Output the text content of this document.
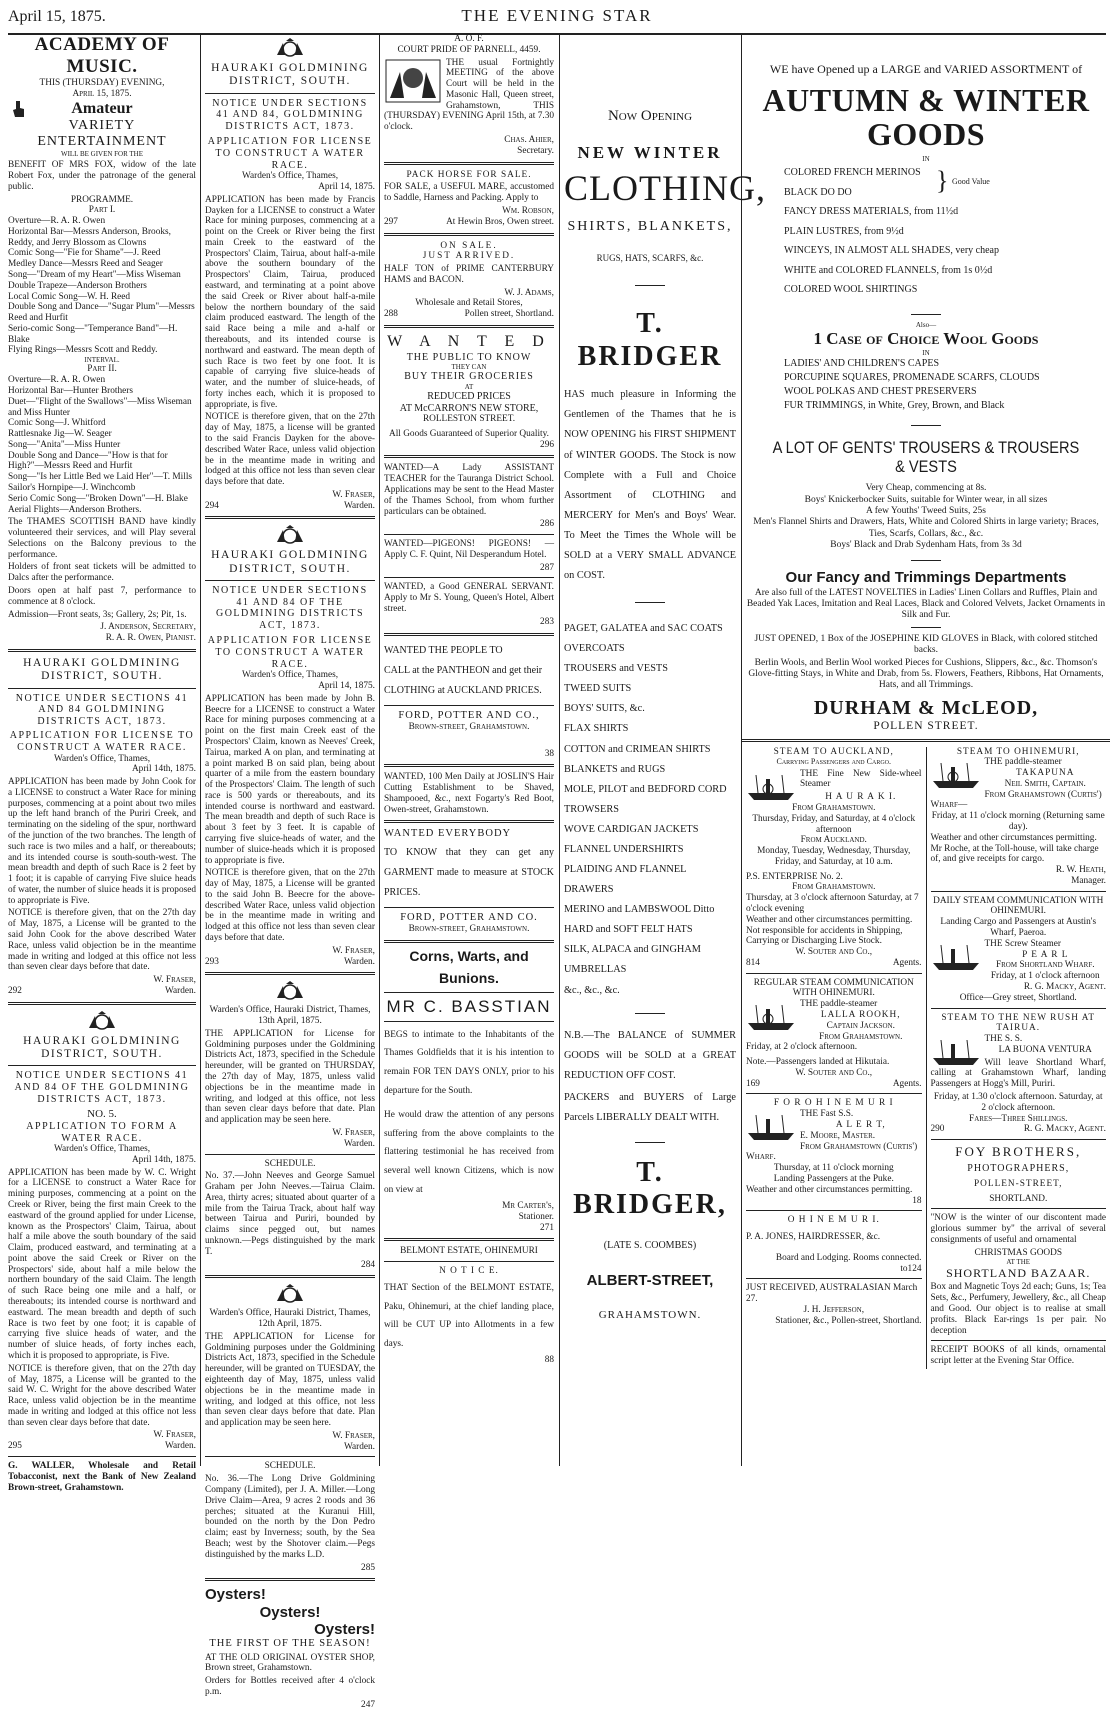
April 15, 1875.	THE EVENING STAR
ACADEMY OF MUSIC.
THIS (THURSDAY) EVENING,
April 15, 1875.
Amateur
VARIETY ENTERTAINMENT
WILL BE GIVEN FOR THE

BENEFIT OF MRS FOX, widow of the late Robert Fox, under the patronage of the general public.

PROGRAMME.
Part I.
Overture—R. A. R. Owen
Horizontal Bar—Messrs Anderson, Brooks, Reddy, and Jerry Blossom as Clowns
Comic Song—"Fie for Shame"—J. Reed
Medley Dance—Messrs Reed and Seager
Song—"Dream of my Heart"—Miss Wiseman
Double Trapeze—Anderson Brothers
Local Comic Song—W. H. Reed
Double Song and Dance—"Sugar Plum"—Messrs Reed and Hurfit
Serio-comic Song—"Temperance Band"—H. Blake
Flying Rings—Messrs Scott and Reddy.
INTERVAL.
Part II.
Overture—R. A. R. Owen
Horizontal Bar—Hunter Brothers
Duet—"Flight of the Swallows"—Miss Wiseman and Miss Hunter
Comic Song—J. Whitford
Rattlesnake Jig—W. Seager
Song—"Anita"—Miss Hunter
Double Song and Dance—"How is that for High?"—Messrs Reed and Hurfit
Song—"Is her Little Bed we Laid Her"—T. Mills
Sailor's Hornpipe—J. Winchcomb
Serio Comic Song—"Broken Down"—H. Blake
Aerial Flights—Anderson Brothers.

The THAMES SCOTTISH BAND have kindly volunteered their services, and will Play several Selections on the Balcony previous to the performance.

Holders of front seat tickets will be admitted to Dalcs after the performance.

Doors open at half past 7, performance to commence at 8 o'clock.

Admission—Front seats, 3s; Gallery, 2s; Pit, 1s.

J. Anderson, Secretary,
R. A. R. Owen, Pianist.
HAURAKI GOLDMINING DISTRICT, SOUTH.
NOTICE UNDER SECTIONS 41 AND 84 GOLDMINING DISTRICTS ACT, 1873.
APPLICATION FOR LICENSE TO CONSTRUCT A WATER RACE.
Warden's Office, Thames,
April 14th, 1875.

APPLICATION has been made by John Cook for a LICENSE to construct a Water Race for mining purposes, commencing at a point about two miles up the left hand branch of the Puriri Creek, and terminating on the sideling of the spur, northward of the junction of the two branches. The length of such race is two miles and a half, or thereabouts; and its intended course is south-south-west. The mean breadth and depth of such Race is 2 feet by 1 foot; it is capable of carrying Five sluice heads of water, the number of sluice heads it is proposed to appropriate is Five.

NOTICE is therefore given, that on the 27th day of May, 1875, a License will be granted to the said John Cook for the above described Water Race, unless valid objection be in the meantime made in writing and lodged at this office not less than seven clear days before that date.

W. Fraser,
292	Warden.
HAURAKI GOLDMINING DISTRICT, SOUTH.
NOTICE UNDER SECTIONS 41 AND 84 OF THE GOLDMINING DISTRICTS ACT, 1873.
NO. 5.
APPLICATION TO FORM A WATER RACE.
Warden's Office, Thames,
April 14th, 1875.

APPLICATION has been made by W. C. Wright for a LICENSE to construct a Water Race for mining purposes, commencing at a point on the Creek or River, being the first main Creek to the eastward of the ground applied for under License, known as the Prospectors' Claim, Tairua, about half a mile above the south boundary of the said Claim, produced eastward, and terminating at a point above the said Creek or River on the Prospectors' side, about half a mile below the northern boundary of the said Claim. The length of such Race being one mile and a half, or thereabouts; its intended course is northward and eastward. The mean breadth and depth of such Race is two feet by one foot; it is capable of carrying five sluice heads of water, and the number of sluice heads, of forty inches each, which it is proposed to appropriate, is Five.

NOTICE is therefore given, that on the 27th day of May, 1875, a License will be granted to the said W. C. Wright for the above described Water Race, unless valid objection be in the meantime made in writing and lodged at this office not less than seven clear days before that date.

W. Fraser,
295	Warden.

G. WALLER, Wholesale and Retail Tobacconist, next the Bank of New Zealand Brown-street, Grahamstown.

HAURAKI GOLDMINING DISTRICT, SOUTH.
NOTICE UNDER SECTIONS 41 AND 84, GOLDMINING DISTRICTS ACT, 1873.
APPLICATION FOR LICENSE TO CONSTRUCT A WATER RACE.
Warden's Office, Thames,
April 14, 1875.

APPLICATION has been made by Francis Dayken for a LICENSE to construct a Water Race for mining purposes, commencing at a point on the Creek or River being the first main Creek to the eastward of the Prospectors' Claim, Tairua, about half-a-mile above the southern boundary of the Prospectors' Claim, Tairua, produced eastward, and terminating at a point above the said Creek or River about half-a-mile below the northern boundary of the said claim produced eastward. The length of the said Race being a mile and a-half or thereabouts, and its intended course is northward and eastward. The mean depth of such Race is two feet by one foot. It is capable of carrying five sluice-heads of water, and the number of sluice-heads, of forty inches each, which it is proposed to appropriate, is five.

NOTICE is therefore given, that on the 27th day of May, 1875, a license will be granted to the said Francis Dayken for the above-described Water Race, unless valid objection be in the meantime made in writing and lodged at this office not less than seven clear days before that date.

W. Fraser,
294	Warden.
HAURAKI GOLDMINING DISTRICT, SOUTH.
NOTICE UNDER SECTIONS 41 AND 84 OF THE GOLDMINING DISTRICTS ACT, 1873.
APPLICATION FOR LICENSE TO CONSTRUCT A WATER RACE.
Warden's Office, Thames,
April 14, 1875.

APPLICATION has been made by John B. Beecre for a LICENSE to construct a Water Race for mining purposes commencing at a point on the first main Creek east of the Prospectors' Claim, known as Neeves' Creek, Tairua, marked A on plan, and terminating at a point marked B on said plan, being about quarter of a mile from the eastern boundary of the Prospectors' Claim. The length of such race is 500 yards or thereabouts, and its intended course is northward and eastward. The mean breadth and depth of such Race is about 3 feet by 3 feet. It is capable of carrying five sluice-heads of water, and the number of sluice-heads which it is proposed to appropriate is five.

NOTICE is therefore given, that on the 27th day of May, 1875, a License will be granted to the said John B. Beecre for the above-described Water Race, unless valid objection be in the meantime made in writing and lodged at this office not less than seven clear days before that date.

W. Fraser,
293	Warden.
Warden's Office, Hauraki District, Thames, 13th April, 1875.

THE APPLICATION for License for Goldmining purposes under the Goldmining Districts Act, 1873, specified in the Schedule hereunder, will be granted on THURSDAY, the 27th day of May, 1875, unless valid objections be in the meantime made in writing, and lodged at this office, not less than seven clear days before that date. Plan and application may be seen here.

W. Fraser,
Warden.
SCHEDULE.

No. 37.—John Neeves and George Samuel Graham per John Neeves.—Tairua Claim. Area, thirty acres; situated about quarter of a mile from the Tairua Track, about half way between Tairua and Puriri, bounded by claims since pegged out, but names unknown.—Pegs distinguished by the mark T.

284
Warden's Office, Hauraki District, Thames, 12th April, 1875.

THE APPLICATION for License for Goldmining purposes under the Goldmining Districts Act, 1873, specified in the Schedule hereunder, will be granted on TUESDAY, the eighteenth day of May, 1875, unless valid objections be in the meantime made in writing, and lodged at this office, not less than seven clear days before that date. Plan and application may be seen here.

W. Fraser,
Warden.
SCHEDULE.

No. 36.—The Long Drive Goldmining Company (Limited), per J. A. Miller.—Long Drive Claim—Area, 9 acres 2 roods and 36 perches; situated at the Kuranui Hill, bounded on the north by the Don Pedro claim; east by Inverness; south, by the Sea Beach; west by the Shotover claim.—Pegs distinguished by the marks L.D.

285
Oysters!
Oysters!
Oysters!
THE FIRST OF THE SEASON!

AT THE OLD ORIGINAL OYSTER SHOP, Brown street, Grahamstown.

Orders for Bottles received after 4 o'clock p.m.

247
A. O. F.
COURT PRIDE OF PARNELL, 4459.

THE usual Fortnightly MEETING of the above Court will be held in the Masonic Hall, Queen street, Grahamstown, THIS (THURSDAY) EVENING April 15th, at 7.30 o'clock.

Chas. Ahier,
Secretary.
PACK HORSE FOR SALE.

FOR SALE, a USEFUL MARE, accustomed to Saddle, Harness and Packing. Apply to

Wm. Robson,
297	At Hewin Bros, Owen street.
ON SALE.
JUST ARRIVED.

HALF TON of PRIME CANTERBURY HAMS and BACON.

W. J. Adams,
Wholesale and Retail Stores,
288	Pollen street, Shortland.
W A N T E D
THE PUBLIC TO KNOW
THEY CAN
BUY THEIR GROCERIES
AT
REDUCED PRICES
AT McCARRON'S NEW STORE,
ROLLESTON STREET.
All Goods Guaranteed of Superior Quality.
296

WANTED—A Lady ASSISTANT TEACHER for the Tauranga District School. Applications may be sent to the Head Master of the Thames School, from whom further particulars can be obtained.

286

WANTED—PIGEONS! PIGEONS! — Apply C. F. Quint, Nil Desperandum Hotel.

287

WANTED, a Good GENERAL SERVANT. Apply to Mr S. Young, Queen's Hotel, Albert street.

283
WANTED THE PEOPLE TO
CALL at the PANTHEON and get their
CLOTHING at AUCKLAND PRICES.
FORD, POTTER AND CO.,
Brown-street, Grahamstown.
38

WANTED, 100 Men Daily at JOSLIN'S Hair Cutting Establishment to be Shaved, Shampooed, &c., next Fogarty's Red Boot, Owen-street, Grahamstown.

WANTED EVERYBODY

TO KNOW that they can get any GARMENT made to measure at STOCK PRICES.

FORD, POTTER AND CO.
Brown-street, Grahamstown.
Corns, Warts, and
Bunions.
MR C. BASSTIAN

BEGS to intimate to the Inhabitants of the Thames Goldfields that it is his intention to remain FOR TEN DAYS ONLY, prior to his departure for the South.

He would draw the attention of any persons suffering from the above complaints to the flattering testimonial he has received from several well known Citizens, which is now on view at

Mr Carter's,
Stationer.
271
BELMONT ESTATE, OHINEMURI
N O T I C E.

THAT Section of the BELMONT ESTATE, Paku, Ohinemuri, at the chief landing place, will be CUT UP into Allotments in a few days.

88
Now Opening
NEW WINTER
CLOTHING,
SHIRTS, BLANKETS,
RUGS, HATS, SCARFS, &c.
T. BRIDGER

HAS much pleasure in Informing the Gentlemen of the Thames that he is NOW OPENING his FIRST SHIPMENT of WINTER GOODS. The Stock is now Complete with a Full and Choice Assortment of CLOTHING and MERCERY for Men's and Boys' Wear. To Meet the Times the Whole will be SOLD at a VERY SMALL ADVANCE on COST.

PAGET, GALATEA and SAC COATS
OVERCOATS
TROUSERS and VESTS
TWEED SUITS
BOYS' SUITS, &c.
FLAX SHIRTS
COTTON and CRIMEAN SHIRTS
BLANKETS and RUGS
MOLE, PILOT and BEDFORD CORD TROWSERS
WOVE CARDIGAN JACKETS
FLANNEL UNDERSHIRTS
PLAIDING AND FLANNEL DRAWERS
MERINO and LAMBSWOOL Ditto
HARD and SOFT FELT HATS
SILK, ALPACA and GINGHAM UMBRELLAS
&c., &c., &c.

N.B.—The BALANCE of SUMMER GOODS will be SOLD at a GREAT REDUCTION OFF COST.

PACKERS and BUYERS of Large Parcels LIBERALLY DEALT WITH.

T. BRIDGER,
(LATE S. COOMBES)
ALBERT-STREET,
GRAHAMSTOWN.
WE have Opened up a LARGE and VARIED ASSORTMENT of
AUTUMN & WINTER GOODS
IN
COLORED FRENCH MERINOS
BLACK DO DO
FANCY DRESS MATERIALS, from 11½d
PLAIN LUSTRES, from 9½d
WINCEYS, IN ALMOST ALL SHADES, very cheap
WHITE and COLORED FLANNELS, from 1s 0½d
COLORED WOOL SHIRTINGS
} Good Value
Also—
1 Case of Choice Wool Goods
IN
LADIES' AND CHILDREN'S CAPES
PORCUPINE SQUARES, PROMENADE SCARFS, CLOUDS
WOOL POLKAS AND CHEST PRESERVERS
FUR TRIMMINGS, in White, Grey, Brown, and Black
A LOT OF GENTS' TROUSERS & TROUSERS & VESTS
Very Cheap, commencing at 8s.
Boys' Knickerbocker Suits, suitable for Winter wear, in all sizes
A few Youths' Tweed Suits, 25s
Men's Flannel Shirts and Drawers, Hats, White and Colored Shirts in large variety; Braces, Ties, Scarfs, Collars, &c., &c.
Boys' Black and Drab Sydenham Hats, from 3s 3d
Our Fancy and Trimmings Departments

Are also full of the LATEST NOVELTIES in Ladies' Linen Collars and Ruffles, Plain and Beaded Yak Laces, Imitation and Real Laces, Black and Colored Velvets, Jacket Ornaments in Silk and Fur.

JUST OPENED, 1 Box of the JOSEPHINE KID GLOVES in Black, with colored stitched backs.

Berlin Wools, and Berlin Wool worked Pieces for Cushions, Slippers, &c., &c. Thomson's Glove-fitting Stays, in White and Drab, from 5s. Flowers, Feathers, Ribbons, Hat Ornaments, Hats, and all Trimmings.

DURHAM & McLEOD,
POLLEN STREET.
STEAM TO AUCKLAND,
Carrying Passengers and Cargo.

THE Fine New Side-wheel Steamer

H A U R A K I.
From Grahamstown.
Thursday, Friday, and Saturday, at 4 o'clock afternoon
From Auckland.
Monday, Tuesday, Wednesday, Thursday, Friday, and Saturday, at 10 a.m.
P.S. ENTERPRISE No. 2.
From Grahamstown.
Thursday, at 3 o'clock afternoon Saturday, at 7 o'clock evening
Weather and other circumstances permitting.
Not responsible for accidents in Shipping, Carrying or Discharging Live Stock.
W. Souter and Co.,
814	Agents.
REGULAR STEAM COMMUNICATION WITH OHINEMURI.
THE paddle-steamer
LALLA ROOKH,
Captain Jackson.
From Grahamstown.
Friday, at 2 o'clock afternoon.
Note.—Passengers landed at Hikutaia.
W. Souter and Co.,
169	Agents.
F O R O H I N E M U R I
THE Fast S.S.
A L E R T,
E. Moore, Master.
From Grahamstown (Curtis') Wharf.
Thursday, at 11 o'clock morning
Landing Passengers at the Puke.
Weather and other circumstances permitting.
18
O H I N E M U R I.
P. A. JONES, HAIRDRESSER, &c.
Board and Lodging. Rooms connected.
to124
JUST RECEIVED, AUSTRALASIAN March 27.
J. H. Jefferson,
Stationer, &c., Pollen-street, Shortland.
STEAM TO OHINEMURI,
THE paddle-steamer
TAKAPUNA
Neil Smith, Captain.
From Grahamstown (Curtis') Wharf—
Friday, at 11 o'clock morning (Returning same day).
Weather and other circumstances permitting. Mr Roche, at the Toll-house, will take charge of, and give receipts for cargo.
R. W. Heath,
Manager.
DAILY STEAM COMMUNICATION WITH OHINEMURI.
Landing Cargo and Passengers at Austin's Wharf, Paeroa.
THE Screw Steamer
P E A R L
From Shortland Wharf.
Friday, at 1 o'clock afternoon
R. G. Macky, Agent.
Office—Grey street, Shortland.
STEAM TO THE NEW RUSH AT TAIRUA.
THE S. S.
LA BUONA VENTURA

Will leave Shortland Wharf, calling at Grahamstown Wharf, landing Passengers at Hogg's Mill, Puriri.

Friday, at 1.30 o'clock afternoon. Saturday, at 2 o'clock afternoon.
Fares—Three Shillings.
290	R. G. Macky, Agent.
FOY BROTHERS,
PHOTOGRAPHERS,
POLLEN-STREET,
SHORTLAND.

"NOW is the winter of our discontent made glorious summer by" the arrival of several consignments of useful and ornamental

CHRISTMAS GOODS
AT THE
SHORTLAND BAZAAR.

Box and Magnetic Toys 2d each; Guns, 1s; Tea Sets, &c., Perfumery, Jewellery, &c., all Cheap and Good. Our object is to realise at small profits. Black Ear-rings 1s per pair. No deception

RECEIPT BOOKS of all kinds, ornamental script letter at the Evening Star Office.
